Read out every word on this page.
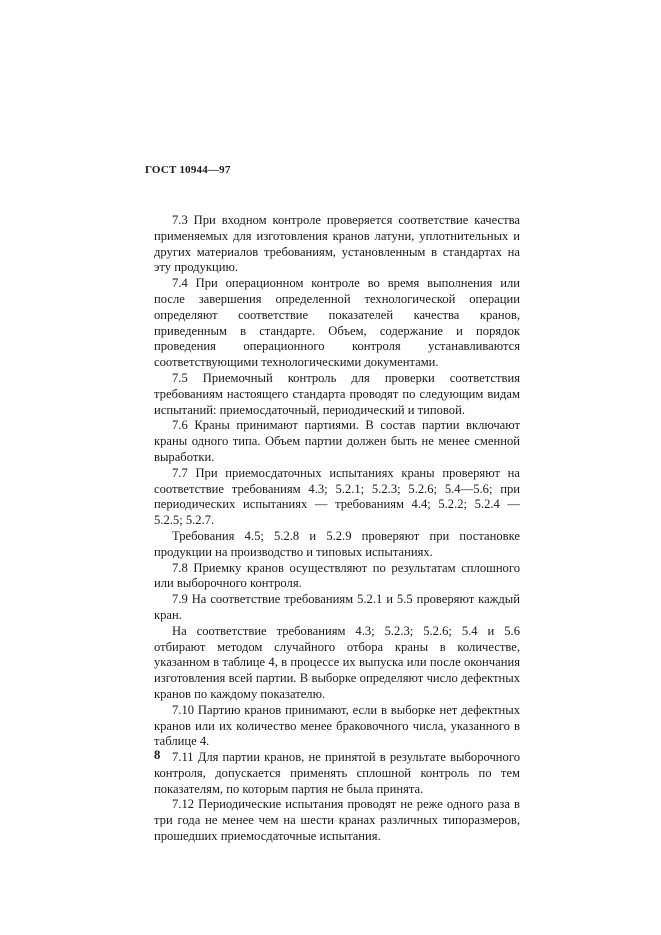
ГОСТ 10944—97

7.3 При входном контроле проверяется соответствие качества применяемых для изготовления кранов латуни, уплотнительных и других материалов требованиям, установленным в стандартах на эту продукцию.

7.4 При операционном контроле во время выполнения или после завершения определенной технологической операции определяют соответствие показателей качества кранов, приведенным в стандарте. Объем, содержание и порядок проведения операционного контроля устанавливаются соответствующими технологическими документами.

7.5 Приемочный контроль для проверки соответствия требованиям настоящего стандарта проводят по следующим видам испытаний: приемосдаточный, периодический и типовой.

7.6 Краны принимают партиями. В состав партии включают краны одного типа. Объем партии должен быть не менее сменной выработки.

7.7 При приемосдаточных испытаниях краны проверяют на соответствие требованиям 4.3; 5.2.1; 5.2.3; 5.2.6; 5.4—5.6; при периодических испытаниях — требованиям 4.4; 5.2.2; 5.2.4 — 5.2.5; 5.2.7.

Требования 4.5; 5.2.8 и 5.2.9 проверяют при постановке продукции на производство и типовых испытаниях.

7.8 Приемку кранов осуществляют по результатам сплошного или выборочного контроля.

7.9 На соответствие требованиям 5.2.1 и 5.5 проверяют каждый кран.

На соответствие требованиям 4.3; 5.2.3; 5.2.6; 5.4 и 5.6 отбирают методом случайного отбора краны в количестве, указанном в таблице 4, в процессе их выпуска или после окончания изготовления всей партии. В выборке определяют число дефектных кранов по каждому показателю.

7.10 Партию кранов принимают, если в выборке нет дефектных кранов или их количество менее браковочного числа, указанного в таблице 4.

7.11 Для партии кранов, не принятой в результате выборочного контроля, допускается применять сплошной контроль по тем показателям, по которым партия не была принята.

7.12 Периодические испытания проводят не реже одного раза в три года не менее чем на шести кранах различных типоразмеров, прошедших приемосдаточные испытания.

8
